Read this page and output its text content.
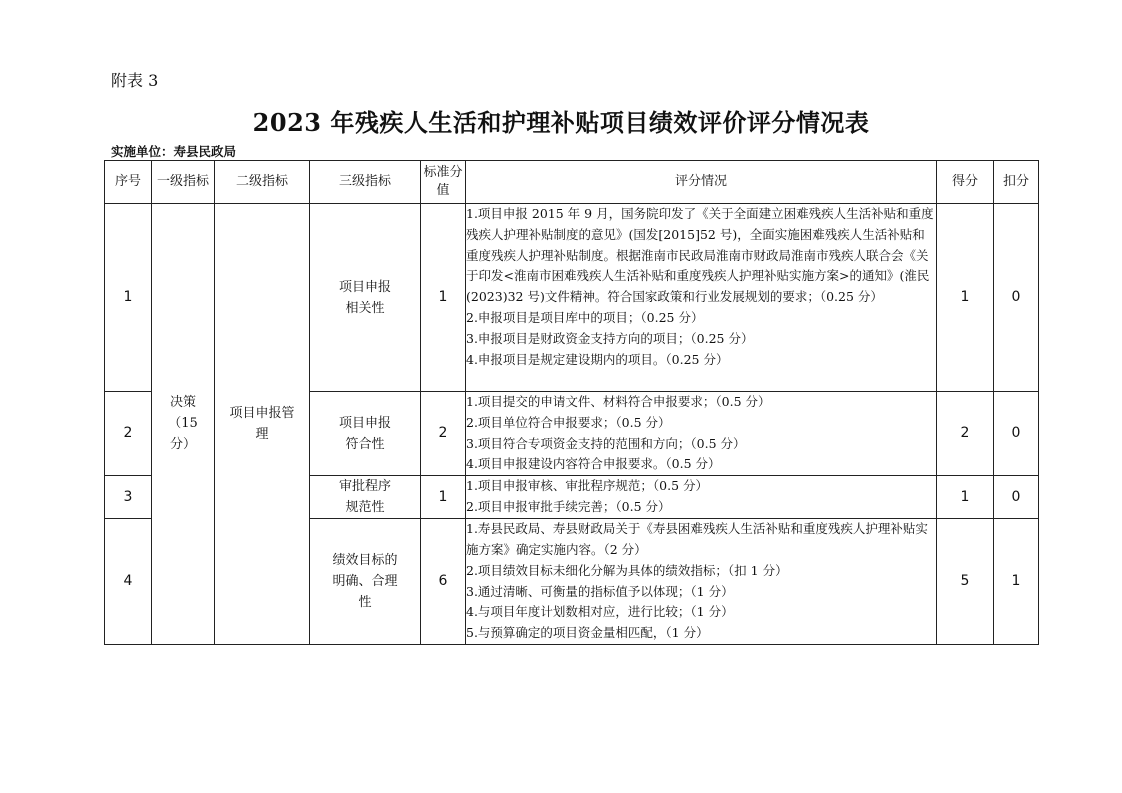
附表 3
2023 年残疾人生活和护理补贴项目绩效评价评分情况表
实施单位：寿县民政局
序号	一级指标	二级指标	三级指标	标准分值	评分情况	得分	扣分
1	决策（15 分）	项目申报管理	项目申报相关性	1	1.项目申报 2015 年 9 月，国务院印发了《关于全面建立困难残疾人生活补贴和重度残疾人护理补贴制度的意见》(国发[2015]52 号)，全面实施困难残疾人生活补贴和重度残疾人护理补贴制度。根据淮南市民政局淮南市财政局淮南市残疾人联合会《关于印发<淮南市困难残疾人生活补贴和重度残疾人护理补贴实施方案>的通知》(淮民(2023)32 号)文件精神。符合国家政策和行业发展规划的要求；（0.25 分）

2.申报项目是项目库中的项目；（0.25 分）

3.申报项目是财政资金支持方向的项目；（0.25 分）

4.申报项目是规定建设期内的项目。（0.25 分）	1	0
2			项目申报符合性	2	1.项目提交的申请文件、材料符合申报要求；（0.5 分）

2.项目单位符合申报要求；（0.5 分）

3.项目符合专项资金支持的范围和方向；（0.5 分）

4.项目申报建设内容符合申报要求。（0.5 分）	2	0
3			审批程序规范性	1	1.项目申报审核、审批程序规范；（0.5 分）

2.项目申报审批手续完善；（0.5 分）	1	0
4			绩效目标的明确、合理性	6	1.寿县民政局、寿县财政局关于《寿县困难残疾人生活补贴和重度残疾人护理补贴实施方案》确定实施内容。（2 分）

2.项目绩效目标未细化分解为具体的绩效指标；（扣 1 分）

3.通过清晰、可衡量的指标值予以体现；（1 分）

4.与项目年度计划数相对应，进行比较；（1 分）

5.与预算确定的项目资金量相匹配，（1 分）	5	1
